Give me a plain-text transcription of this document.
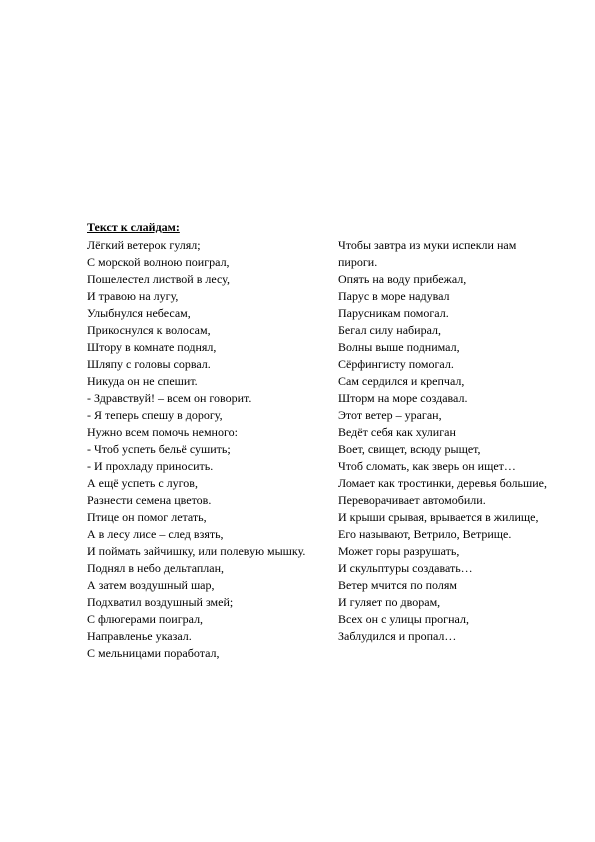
Текст к слайдам:
Лёгкий ветерок гулял;
С морской волною поиграл,
Пошелестел листвой в лесу,
И травою на лугу,
Улыбнулся небесам,
Прикоснулся к волосам,
Штору в комнате поднял,
Шляпу с головы сорвал.
Никуда он не спешит.
- Здравствуй! – всем он говорит.
- Я теперь спешу в дорогу,
Нужно всем помочь немного:
- Чтоб успеть бельё сушить;
- И прохладу приносить.
А ещё успеть с лугов,
Разнести семена цветов.
Птице он помог летать,
А в лесу лисе – след взять,
И поймать зайчишку, или полевую мышку.
Поднял в небо дельтаплан,
А затем воздушный шар,
Подхватил воздушный змей;
С флюгерами поиграл,
Направленье указал.
С мельницами поработал,
Чтобы завтра из муки испекли нам пироги.
Опять на воду прибежал,
Парус в море надувал
Парусникам помогал.
Бегал силу набирал,
Волны выше поднимал,
Сёрфингисту помогал.
Сам сердился и крепчал,
Шторм на море создавал.
Этот ветер – ураган,
Ведёт себя как хулиган
Воет, свищет, всюду рыщет,
Чтоб сломать, как зверь он ищет…
Ломает как тростинки, деревья большие,
Переворачивает автомобили.
И крыши срывая, врывается в жилище,
Его называют, Ветрило, Ветрище.
Может горы разрушать,
И скульптуры создавать…
Ветер мчится по полям
И гуляет по дворам,
Всех он с улицы прогнал,
Заблудился и пропал…
